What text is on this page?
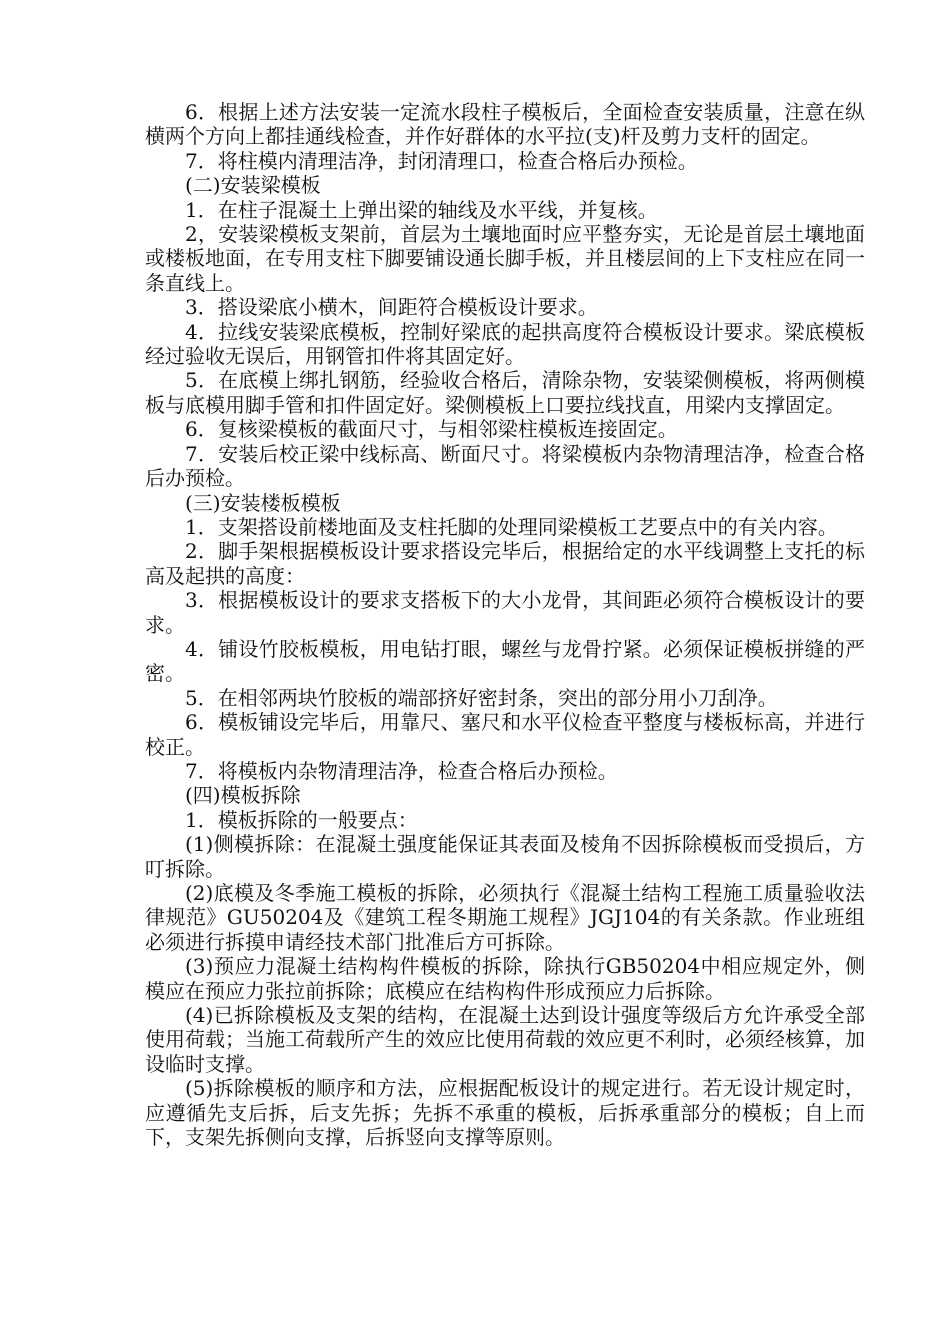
6．根据上述方法安装一定流水段柱子模板后，全面检查安装质量，注意在纵横两个方向上都挂通线检查，并作好群体的水平拉(支)杆及剪力支杆的固定。

7．将柱模内清理洁净，封闭清理口，检查合格后办预检。

(二)安装梁模板

1．在柱子混凝土上弹出梁的轴线及水平线，并复核。

2，安装梁模板支架前，首层为土壤地面时应平整夯实，无论是首层土壤地面或楼板地面，在专用支柱下脚要铺设通长脚手板，并且楼层间的上下支柱应在同一条直线上。

3．搭设梁底小横木，间距符合模板设计要求。

4．拉线安装梁底模板，控制好梁底的起拱高度符合模板设计要求。梁底模板经过验收无误后，用钢管扣件将其固定好。

5．在底模上绑扎钢筋，经验收合格后，清除杂物，安装梁侧模板，将两侧模板与底模用脚手管和扣件固定好。梁侧模板上口要拉线找直，用梁内支撑固定。

6．复核梁模板的截面尺寸，与相邻梁柱模板连接固定。

7．安装后校正梁中线标高、断面尺寸。将梁模板内杂物清理洁净，检查合格后办预检。

(三)安装楼板模板

1．支架搭设前楼地面及支柱托脚的处理同梁模板工艺要点中的有关内容。

2．脚手架根据模板设计要求搭设完毕后，根据给定的水平线调整上支托的标高及起拱的高度：

3．根据模板设计的要求支搭板下的大小龙骨，其间距必须符合模板设计的要求。

4．铺设竹胶板模板，用电钻打眼，螺丝与龙骨拧紧。必须保证模板拼缝的严密。

5．在相邻两块竹胶板的端部挤好密封条，突出的部分用小刀刮净。

6．模板铺设完毕后，用靠尺、塞尺和水平仪检查平整度与楼板标高，并进行校正。

7．将模板内杂物清理洁净，检查合格后办预检。

(四)模板拆除

1．模板拆除的一般要点：

(1)侧模拆除：在混凝土强度能保证其表面及棱角不因拆除模板而受损后，方叮拆除。

(2)底模及冬季施工模板的拆除，必须执行《混凝土结构工程施工质量验收法律规范》GU50204及《建筑工程冬期施工规程》JGJ104的有关条款。作业班组必须进行拆摸申请经技术部门批准后方可拆除。

(3)预应力混凝土结构构件模板的拆除，除执行GB50204中相应规定外，侧模应在预应力张拉前拆除；底模应在结构构件形成预应力后拆除。

(4)已拆除模板及支架的结构，在混凝土达到设计强度等级后方允许承受全部使用荷载；当施工荷载所产生的效应比使用荷载的效应更不利时，必须经核算，加设临时支撑。

(5)拆除模板的顺序和方法，应根据配板设计的规定进行。若无设计规定时，应遵循先支后拆，后支先拆；先拆不承重的模板，后拆承重部分的模板；自上而下，支架先拆侧向支撑，后拆竖向支撑等原则。
